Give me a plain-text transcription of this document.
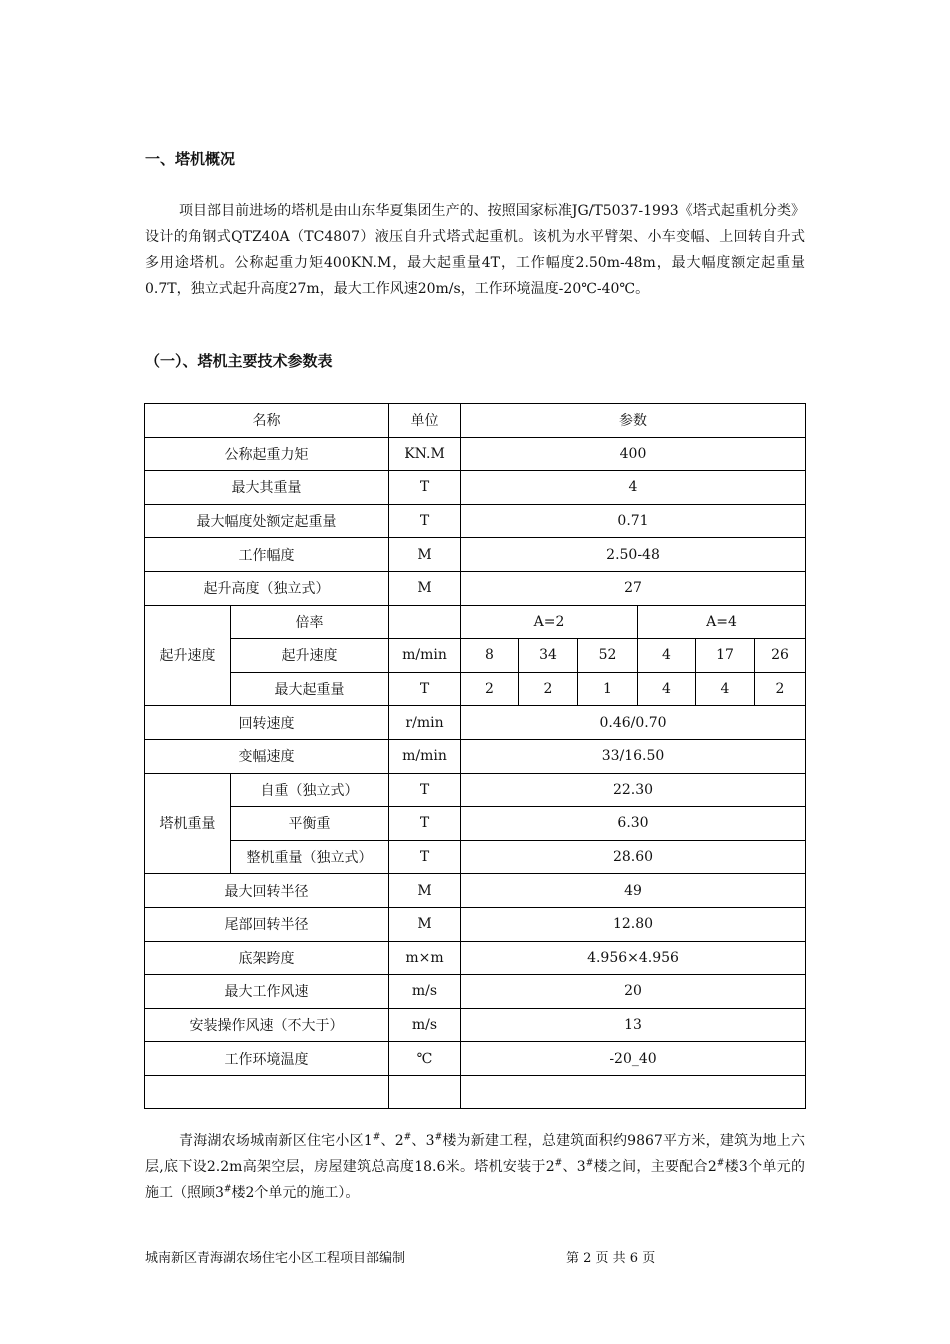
一、塔机概况

项目部目前进场的塔机是由山东华夏集团生产的、按照国家标准JG/T5037-1993《塔式起重机分类》设计的角钢式QTZ40A（TC4807）液压自升式塔式起重机。该机为水平臂架、小车变幅、上回转自升式多用途塔机。公称起重力矩400KN.M，最大起重量4T，工作幅度2.50m-48m，最大幅度额定起重量0.7T，独立式起升高度27m，最大工作风速20m/s，工作环境温度-20℃-40℃。

（一）、塔机主要技术参数表
名称		单位	参数					
公称起重力矩		KN.M	400					
最大其重量		T	4					
最大幅度处额定起重量		T	0.71					
工作幅度		M	2.50-48					
起升高度（独立式）		M	27					
起升速度	倍率		A=2			A=4		
	起升速度	m/min	8	34	52	4	17	26
	最大起重量	T	2	2	1	4	4	2
回转速度		r/min	0.46/0.70					
变幅速度		m/min	33/16.50					
塔机重量	自重（独立式）	T	22.30					
	平衡重	T	6.30					
	整机重量（独立式）	T	28.60					
最大回转半径		M	49					
尾部回转半径		M	12.80					
底架跨度		m×m	4.956×4.956					
最大工作风速		m/s	20					
安装操作风速（不大于）		m/s	13					
工作环境温度		℃	-20_40					

青海湖农场城南新区住宅小区1#、2#、3#楼为新建工程，总建筑面积约9867平方米，建筑为地上六层,底下设2.2m高架空层，房屋建筑总高度18.6米。塔机安装于2#、3#楼之间，主要配合2#楼3个单元的施工（照顾3#楼2个单元的施工）。

城南新区青海湖农场住宅小区工程项目部编制	第 2 页 共 6 页
